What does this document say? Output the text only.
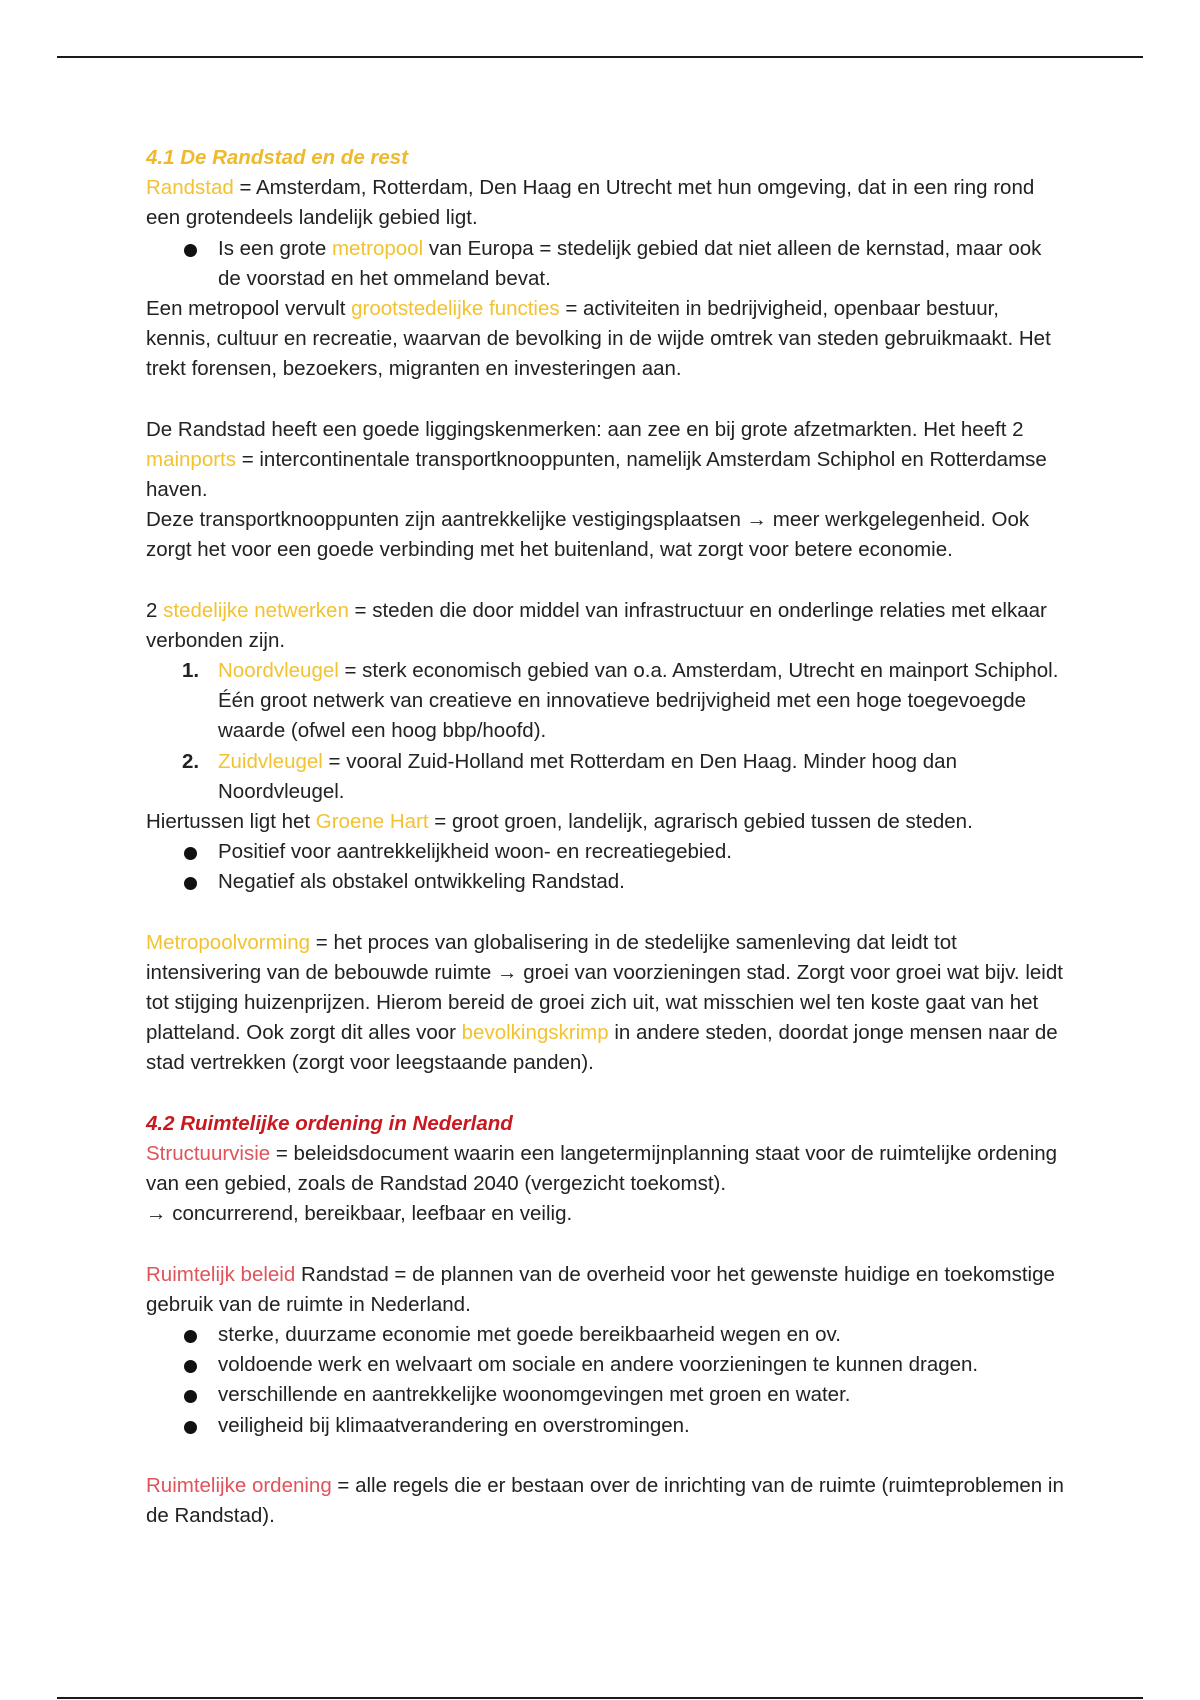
4.1 De Randstad en de rest

Randstad = Amsterdam, Rotterdam, Den Haag en Utrecht met hun omgeving, dat in een ring rond een grotendeels landelijk gebied ligt.

Is een grote metropool van Europa = stedelijk gebied dat niet alleen de kernstad, maar ook de voorstad en het ommeland bevat.

Een metropool vervult grootstedelijke functies = activiteiten in bedrijvigheid, openbaar bestuur, kennis, cultuur en recreatie, waarvan de bevolking in de wijde omtrek van steden gebruikmaakt. Het trekt forensen, bezoekers, migranten en investeringen aan.

De Randstad heeft een goede liggingskenmerken: aan zee en bij grote afzetmarkten. Het heeft 2 mainports = intercontinentale transportknooppunten, namelijk Amsterdam Schiphol en Rotterdamse haven.

Deze transportknooppunten zijn aantrekkelijke vestigingsplaatsen → meer werkgelegenheid. Ook zorgt het voor een goede verbinding met het buitenland, wat zorgt voor betere economie.

2 stedelijke netwerken = steden die door middel van infrastructuur en onderlinge relaties met elkaar verbonden zijn.

1. Noordvleugel = sterk economisch gebied van o.a. Amsterdam, Utrecht en mainport Schiphol. Één groot netwerk van creatieve en innovatieve bedrijvigheid met een hoge toegevoegde waarde (ofwel een hoog bbp/hoofd).
2. Zuidvleugel = vooral Zuid-Holland met Rotterdam en Den Haag. Minder hoog dan Noordvleugel.

Hiertussen ligt het Groene Hart = groot groen, landelijk, agrarisch gebied tussen de steden.

Positief voor aantrekkelijkheid woon- en recreatiegebied.
Negatief als obstakel ontwikkeling Randstad.

Metropoolvorming = het proces van globalisering in de stedelijke samenleving dat leidt tot intensivering van de bebouwde ruimte → groei van voorzieningen stad. Zorgt voor groei wat bijv. leidt tot stijging huizenprijzen. Hierom bereid de groei zich uit, wat misschien wel ten koste gaat van het platteland. Ook zorgt dit alles voor bevolkingskrimp in andere steden, doordat jonge mensen naar de stad vertrekken (zorgt voor leegstaande panden).

4.2 Ruimtelijke ordening in Nederland

Structuurvisie = beleidsdocument waarin een langetermijnplanning staat voor de ruimtelijke ordening van een gebied, zoals de Randstad 2040 (vergezicht toekomst).

→ concurrerend, bereikbaar, leefbaar en veilig.

Ruimtelijk beleid Randstad = de plannen van de overheid voor het gewenste huidige en toekomstige gebruik van de ruimte in Nederland.

sterke, duurzame economie met goede bereikbaarheid wegen en ov.
voldoende werk en welvaart om sociale en andere voorzieningen te kunnen dragen.
verschillende en aantrekkelijke woonomgevingen met groen en water.
veiligheid bij klimaatverandering en overstromingen.

Ruimtelijke ordening = alle regels die er bestaan over de inrichting van de ruimte (ruimteproblemen in de Randstad).
